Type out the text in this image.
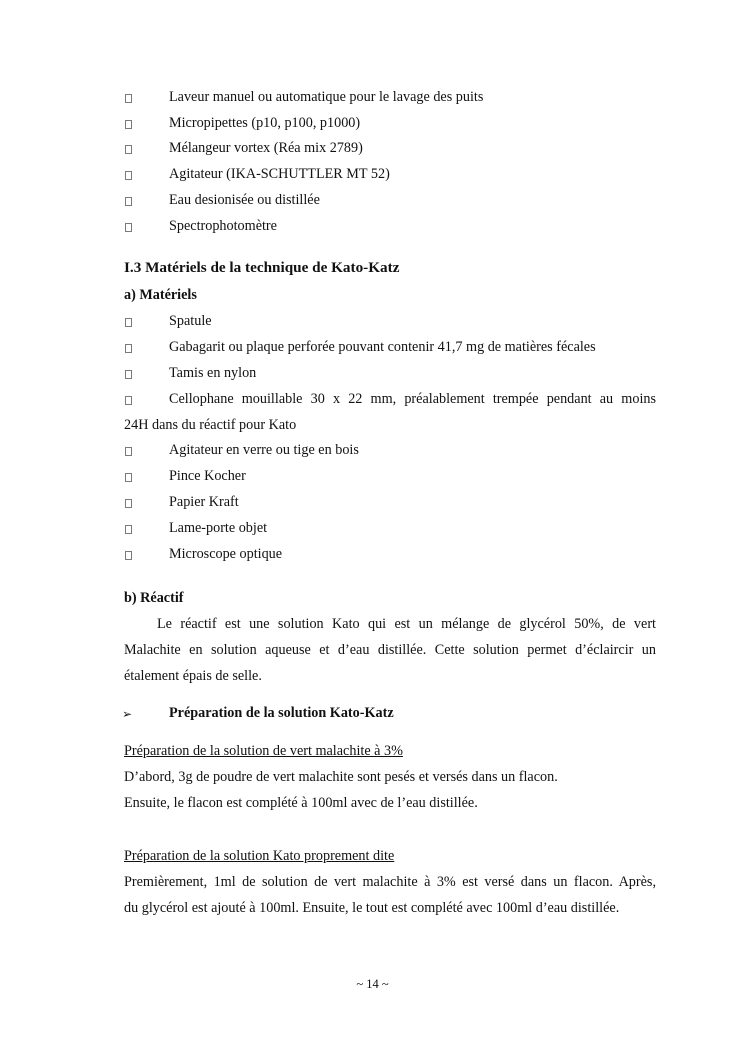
Laveur manuel ou automatique pour le lavage des puits
Micropipettes (p10, p100, p1000)
Mélangeur vortex (Réa mix 2789)
Agitateur (IKA-SCHUTTLER MT 52)
Eau desionisée ou distillée
Spectrophotomètre
I.3 Matériels de la technique de Kato-Katz
a) Matériels
Spatule
Gabagarit ou plaque perforée pouvant contenir 41,7 mg de matières fécales
Tamis en nylon
Cellophane mouillable 30 x 22 mm, préalablement trempée pendant au moins
24H dans du réactif pour Kato
Agitateur en verre ou tige en bois
Pince Kocher
Papier Kraft
Lame-porte objet
Microscope optique
b) Réactif
Le réactif est une solution Kato qui est un mélange de glycérol 50%, de vert
Malachite en solution aqueuse et d’eau distillée. Cette solution permet d’éclaircir un
étalement épais de selle.
➢	Préparation de la solution Kato-Katz
Préparation de la solution de vert malachite à 3%
D’abord, 3g de poudre de vert malachite sont pesés et versés dans un flacon.
Ensuite, le flacon est complété à 100ml avec de l’eau distillée.
Préparation de la solution Kato proprement dite
Premièrement, 1ml de solution de vert malachite à 3% est versé dans un flacon. Après,
du glycérol est ajouté à 100ml. Ensuite, le tout est complété avec 100ml d’eau distillée.
~ 14 ~
